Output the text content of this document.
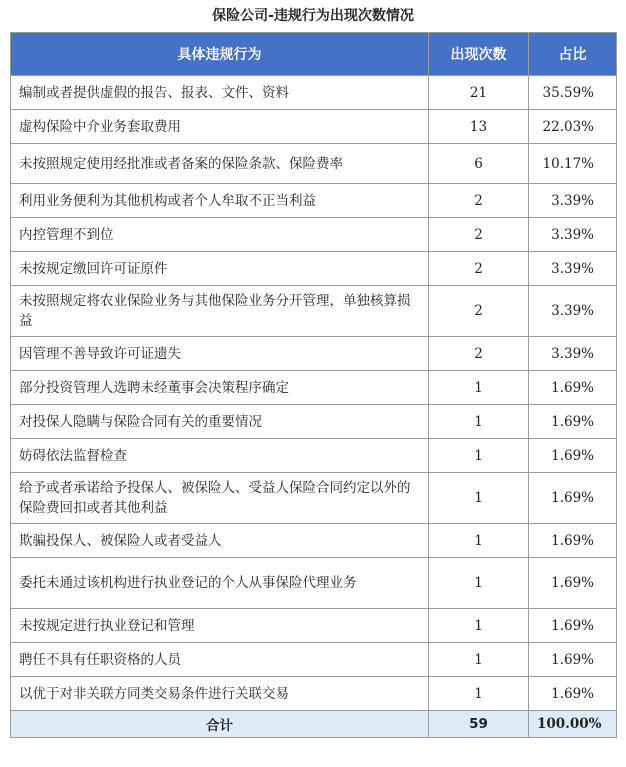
保险公司-违规行为出现次数情况
具体违规行为	出现次数	占比
编制或者提供虚假的报告、报表、文件、资料	21	35.59%
虚构保险中介业务套取费用	13	22.03%
未按照规定使用经批准或者备案的保险条款、保险费率	6	10.17%
利用业务便利为其他机构或者个人牟取不正当利益	2	3.39%
内控管理不到位	2	3.39%
未按规定缴回许可证原件	2	3.39%
未按照规定将农业保险业务与其他保险业务分开管理，单独核算损益	2	3.39%
因管理不善导致许可证遗失	2	3.39%
部分投资管理人选聘未经董事会决策程序确定	1	1.69%
对投保人隐瞒与保险合同有关的重要情况	1	1.69%
妨碍依法监督检查	1	1.69%
给予或者承诺给予投保人、被保险人、受益人保险合同约定以外的保险费回扣或者其他利益	1	1.69%
欺骗投保人、被保险人或者受益人	1	1.69%
委托未通过该机构进行执业登记的个人从事保险代理业务	1	1.69%
未按规定进行执业登记和管理	1	1.69%
聘任不具有任职资格的人员	1	1.69%
以优于对非关联方同类交易条件进行关联交易	1	1.69%
合计	59	100.00%
